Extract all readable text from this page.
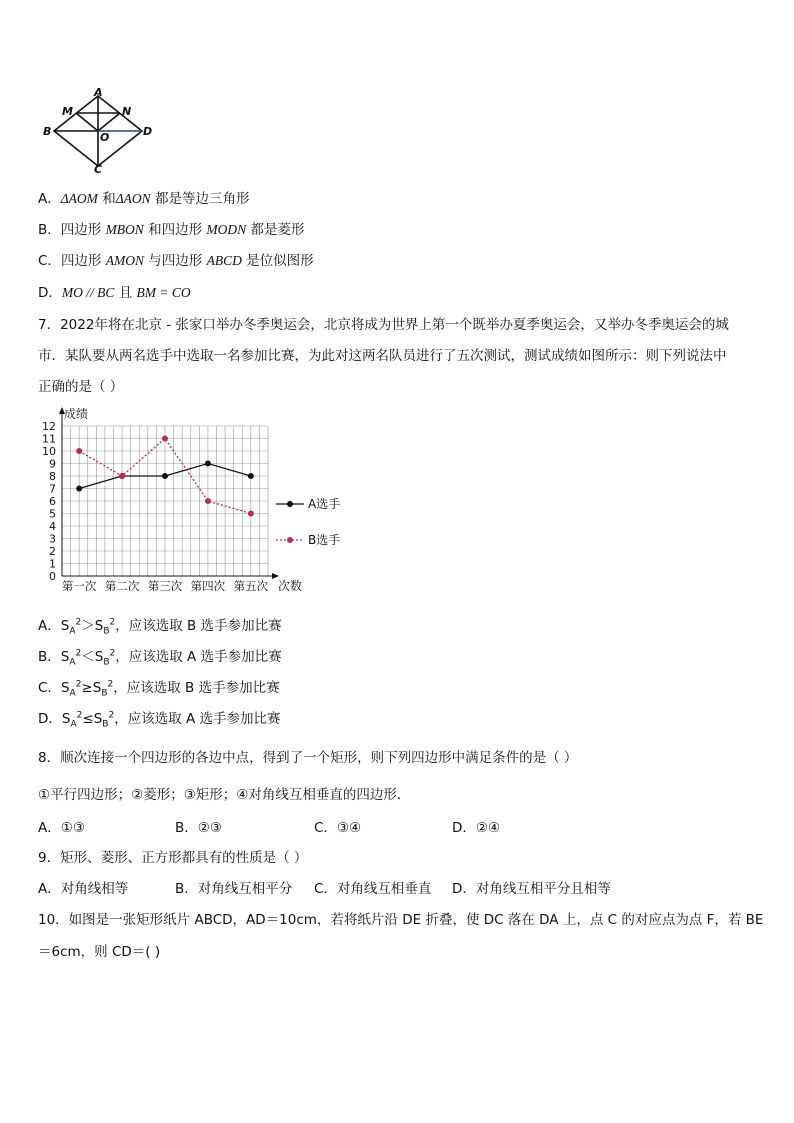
A
M	N
B	O	D
C
A．ΔAOM 和ΔAON 都是等边三角形
B．四边形 MBON 和四边形 MODN 都是菱形
C．四边形 AMON 与四边形 ABCD 是位似图形
D．MO // BC 且 BM = CO
7．2022年将在北京 - 张家口举办冬季奥运会，北京将成为世界上第一个既举办夏季奥运会，又举办冬季奥运会的城
市．某队要从两名选手中选取一名参加比赛，为此对这两名队员进行了五次测试，测试成绩如图所示：则下列说法中
正确的是（ ）
0
1
2
3
4
5
6
7
8
9
10
11
12
成绩
次数
第一次 第二次 第三次 第四次 第五次
A选手
B选手
A．$S_A^2>S_B^2$，应该选取 B 选手参加比赛
B．$S_A^2<S_B^2$，应该选取 A 选手参加比赛
C．$S_A^2\ge S_B^2$，应该选取 B 选手参加比赛
D．$S_A^2\le S_B^2$，应该选取 A 选手参加比赛
8．顺次连接一个四边形的各边中点，得到了一个矩形，则下列四边形中满足条件的是（ ）
①平行四边形；②菱形；③矩形；④对角线互相垂直的四边形．
A．①③	B．②③	C．③④	D．②④
9．矩形、菱形、正方形都具有的性质是（ ）
A．对角线相等	B．对角线互相平分 C．对角线互相垂直 D．对角线互相平分且相等
10．如图是一张矩形纸片 ABCD，AD＝10cm，若将纸片沿 DE 折叠，使 DC 落在 DA 上，点 C 的对应点为点 F，若 BE
＝6cm，则 CD＝( )
